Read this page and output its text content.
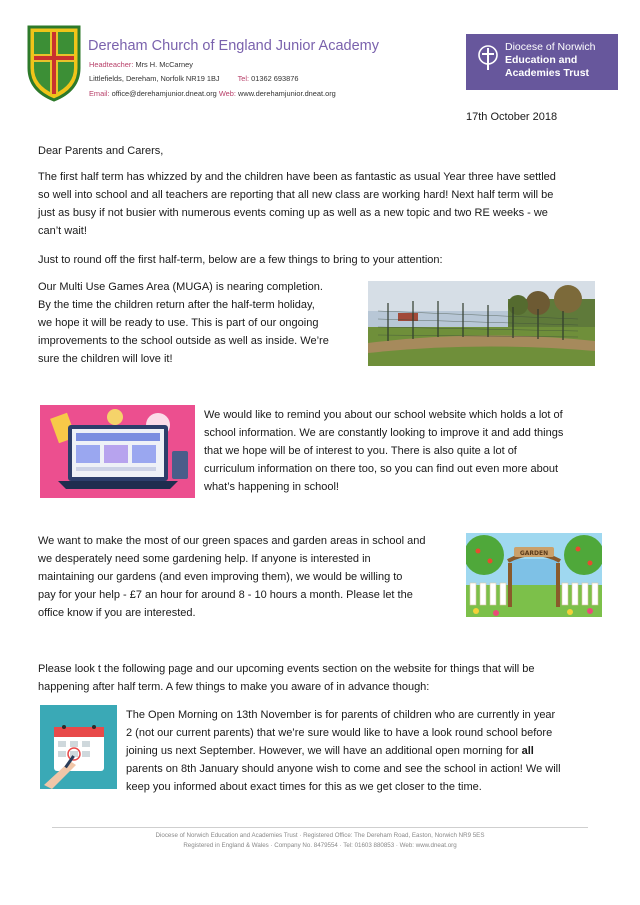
Dereham Church of England Junior Academy
Headteacher: Mrs H. McCarney
Littlefields, Dereham, Norfolk NR19 1BJ Tel: 01362 693876
Email: office@derehamjunior.dneat.org Web: www.derehamjunior.dneat.org
Diocese of Norwich
Education and
Academies Trust
17th October 2018
Dear Parents and Carers,
The first half term has whizzed by and the children have been as fantastic as usual Year three have settled
so well into school and all teachers are reporting that all new class are working hard! Next half term will be
just as busy if not busier with numerous events coming up as well as a new topic and two RE weeks - we
can’t wait!
Just to round off the first half-term, below are a few things to bring to your attention:
Our Multi Use Games Area (MUGA) is nearing completion.
By the time the children return after the half-term holiday,
we hope it will be ready to use. This is part of our ongoing
improvements to the school outside as well as inside. We’re
sure the children will love it!
We would like to remind you about our school website which holds a lot of
school information. We are constantly looking to improve it and add things
that we hope will be of interest to you. There is also quite a lot of
curriculum information on there too, so you can find out even more about
what’s happening in school!
We want to make the most of our green spaces and garden areas in school and
we desperately need some gardening help. If anyone is interested in
maintaining our gardens (and even improving them), we would be willing to
pay for your help - £7 an hour for around 8 - 10 hours a month. Please let the
office know if you are interested.
GARDEN
Please look t the following page and our upcoming events section on the website for things that will be
happening after half term. A few things to make you aware of in advance though:
The Open Morning on 13th November is for parents of children who are currently in year
2 (not our current parents) that we’re sure would like to have a look round school before
joining us next September. However, we will have an additional open morning for all
parents on 8th January should anyone wish to come and see the school in action! We will
keep you informed about exact times for this as we get closer to the time.
Diocese of Norwich Education and Academies Trust · Registered Office: The Dereham Road, Easton, Norwich NR9 5ES
Registered in England & Wales · Company No. 8479554 · Tel: 01603 880853 · Web: www.dneat.org
